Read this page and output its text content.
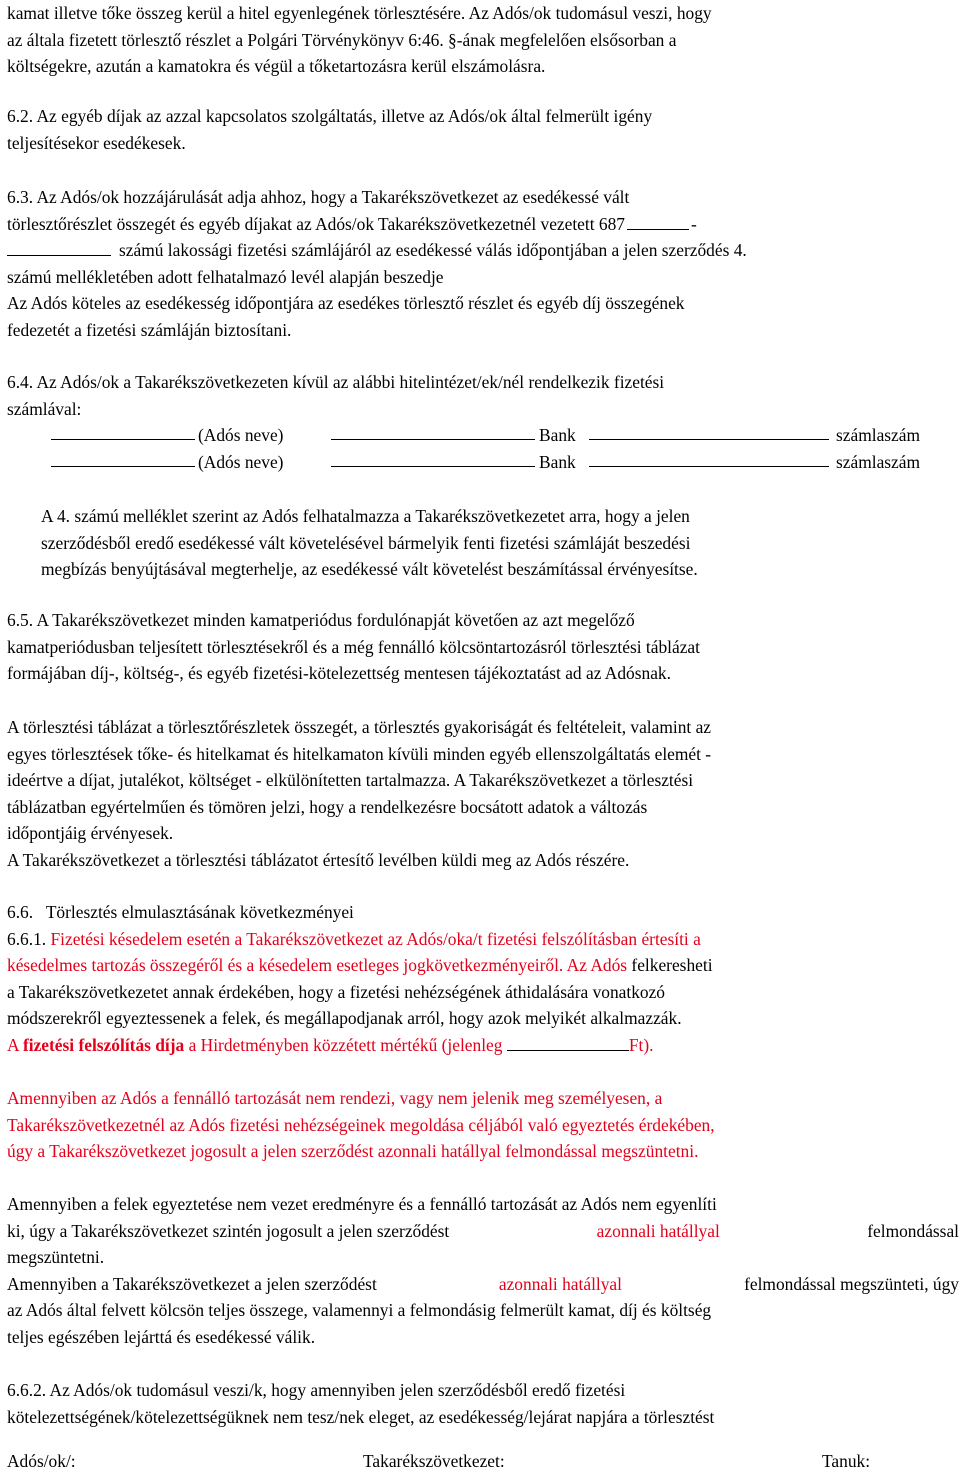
kamat illetve tőke összeg kerül a hitel egyenlegének törlesztésére. Az Adós/ok tudomásul veszi, hogy

az általa fizetett törlesztő részlet a Polgári Törvénykönyv 6:46. §-ának megfelelően elsősorban a

költségekre, azután a kamatokra és végül a tőketartozásra kerül elszámolásra.

6.2. Az egyéb díjak az azzal kapcsolatos szolgáltatás, illetve az Adós/ok által felmerült igény

teljesítésekor esedékesek.

6.3. Az Adós/ok hozzájárulását adja ahhoz, hogy a Takarékszövetkezet az esedékessé vált

törlesztőrészlet összegét és egyéb díjakat az Adós/ok Takarékszövetkezetnél vezetett 687	-

számú lakossági fizetési számlájáról az esedékessé válás időpontjában a jelen szerződés 4.

számú mellékletében adott felhatalmazó levél alapján beszedje

Az Adós köteles az esedékesség időpontjára az esedékes törlesztő részlet és egyéb díj összegének

fedezetét a fizetési számláján biztosítani.

6.4. Az Adós/ok a Takarékszövetkezeten kívül az alábbi hitelintézet/ek/nél rendelkezik fizetési

számlával:

(Adós neve)	Bank	számlaszám
(Adós neve)	Bank	számlaszám

A 4. számú melléklet szerint az Adós felhatalmazza a Takarékszövetkezetet arra, hogy a jelen

szerződésből eredő esedékessé vált követelésével bármelyik fenti fizetési számláját beszedési

megbízás benyújtásával megterhelje, az esedékessé vált követelést beszámítással érvényesítse.

6.5. A Takarékszövetkezet minden kamatperiódus fordulónapját követően az azt megelőző

kamatperiódusban teljesített törlesztésekről és a még fennálló kölcsöntartozásról törlesztési táblázat

formájában díj-, költség-, és egyéb fizetési-kötelezettség mentesen tájékoztatást ad az Adósnak.

A törlesztési táblázat a törlesztőrészletek összegét, a törlesztés gyakoriságát és feltételeit, valamint az

egyes törlesztések tőke- és hitelkamat és hitelkamaton kívüli minden egyéb ellenszolgáltatás elemét -

ideértve a díjat, jutalékot, költséget - elkülönítetten tartalmazza. A Takarékszövetkezet a törlesztési

táblázatban egyértelműen és tömören jelzi, hogy a rendelkezésre bocsátott adatok a változás

időpontjáig érvényesek.

A Takarékszövetkezet a törlesztési táblázatot értesítő levélben küldi meg az Adós részére.

6.6.   Törlesztés elmulasztásának következményei

6.6.1. Fizetési késedelem esetén a Takarékszövetkezet az Adós/oka/t fizetési felszólításban értesíti a

késedelmes tartozás összegéről és a késedelem esetleges jogkövetkezményeiről. Az Adós felkeresheti

a Takarékszövetkezetet annak érdekében, hogy a fizetési nehézségének áthidalására vonatkozó

módszerekről egyeztessenek a felek, és megállapodjanak arról, hogy azok melyikét alkalmazzák.

A fizetési felszólítás díja a Hirdetményben közzétett mértékű (jelenleg	Ft).

Amennyiben az Adós a fennálló tartozását nem rendezi, vagy nem jelenik meg személyesen, a

Takarékszövetkezetnél az Adós fizetési nehézségeinek megoldása céljából való egyeztetés érdekében,

úgy a Takarékszövetkezet jogosult a jelen szerződést azonnali hatállyal felmondással megszüntetni.

Amennyiben a felek egyeztetése nem vezet eredményre és a fennálló tartozását az Adós nem egyenlíti

ki, úgy a Takarékszövetkezet szintén jogosult a jelen szerződést	azonnali hatállyal	felmondással

megszüntetni.

Amennyiben a Takarékszövetkezet a jelen szerződést	azonnali hatállyal	felmondással megszünteti, úgy

az Adós által felvett kölcsön teljes összege, valamennyi a felmondásig felmerült kamat, díj és költség

teljes egészében lejárttá és esedékessé válik.

6.6.2. Az Adós/ok tudomásul veszi/k, hogy amennyiben jelen szerződésből eredő fizetési

kötelezettségének/kötelezettségüknek nem tesz/nek eleget, az esedékesség/lejárat napjára a törlesztést

Adós/ok/:	Takarékszövetkezet:	Tanuk:
